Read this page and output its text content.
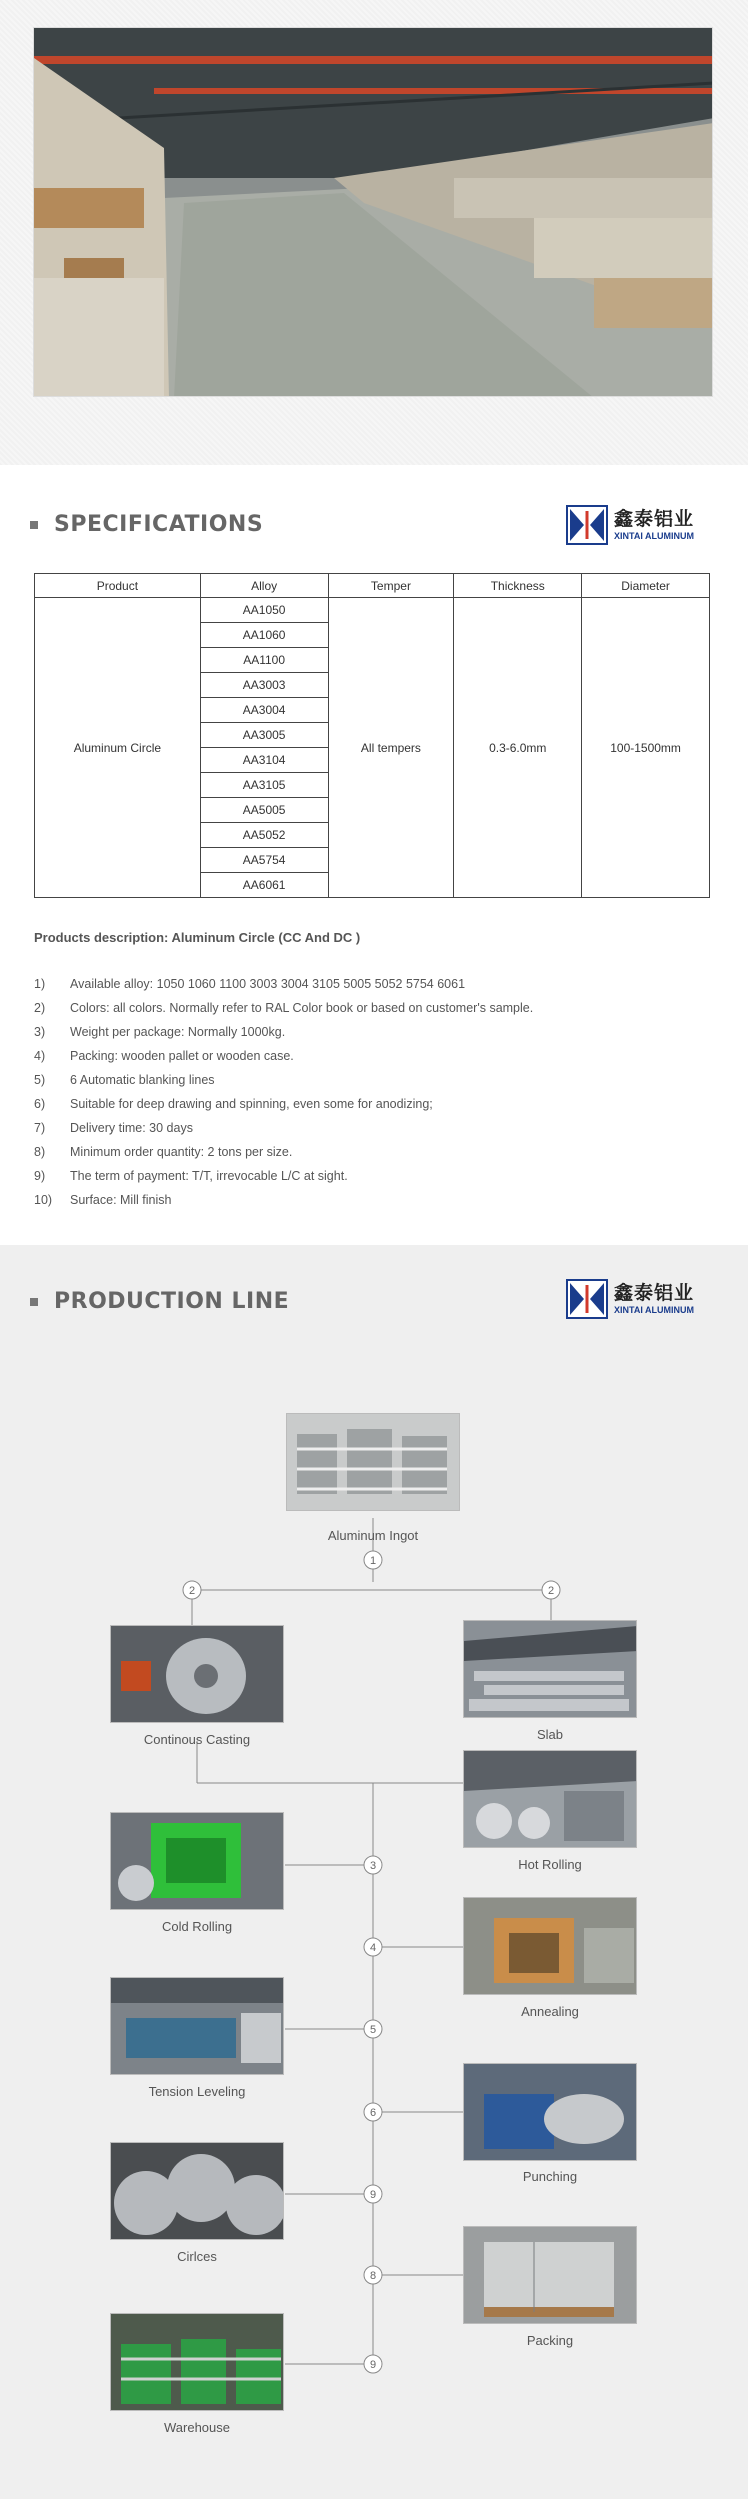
SPECIFICATIONS	鑫泰铝业
XINTAI ALUMINUM
Product	Alloy	Temper	Thickness	Diameter
Aluminum Circle	AA1050	All tempers	0.3-6.0mm	100-1500mm
	AA1060			
	AA1100			
	AA3003			
	AA3004			
	AA3005			
	AA3104			
	AA3105			
	AA5005			
	AA5052			
	AA5754			
	AA6061			
Products description: Aluminum Circle (CC And DC )
1)	Available alloy: 1050 1060 1100 3003 3004 3105 5005 5052 5754 6061
2)	Colors: all colors. Normally refer to RAL Color book or based on customer's sample.
3)	Weight per package: Normally 1000kg.
4)	Packing: wooden pallet or wooden case.
5)	6 Automatic blanking lines
6)	Suitable for deep drawing and spinning, even some for anodizing;
7)	Delivery time: 30 days
8)	Minimum order quantity: 2 tons per size.
9)	The term of payment: T/T, irrevocable L/C at sight.
10)	Surface: Mill finish
PRODUCTION LINE	鑫泰铝业
XINTAI ALUMINUM
1
2	2
3
4
5
6
9
8
9
Aluminum Ingot
Continous Casting	Slab
Hot Rolling
Cold Rolling
Annealing
Tension Leveling
Punching
Cirlces
Packing
Warehouse
